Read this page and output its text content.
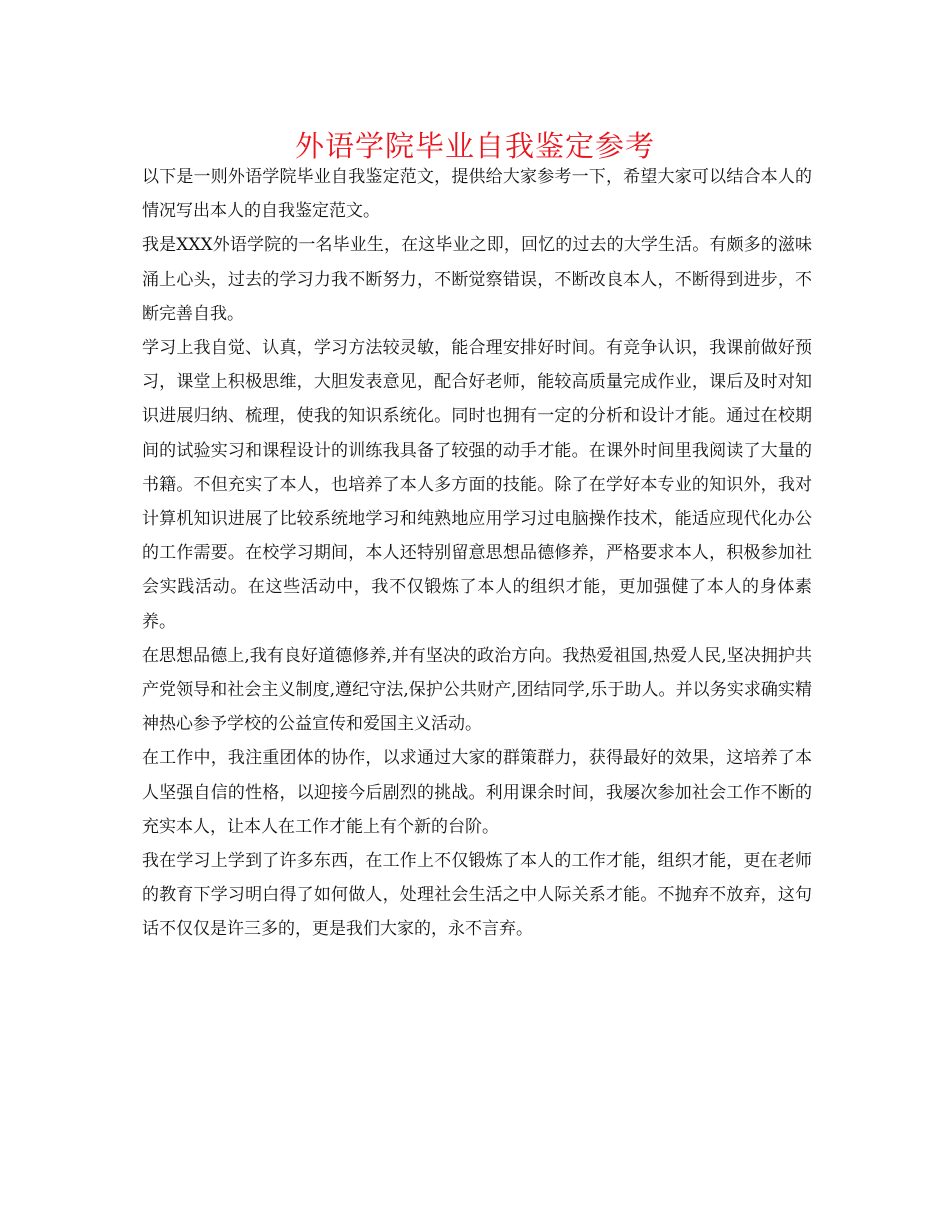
外语学院毕业自我鉴定参考

以下是一则外语学院毕业自我鉴定范文，提供给大家参考一下，希望大家可以结合本人的情况写出本人的自我鉴定范文。

我是XXX外语学院的一名毕业生，在这毕业之即，回忆的过去的大学生活。有颇多的滋味涌上心头，过去的学习力我不断努力，不断觉察错误，不断改良本人，不断得到进步，不断完善自我。

学习上我自觉、认真，学习方法较灵敏，能合理安排好时间。有竞争认识，我课前做好预习，课堂上积极思维，大胆发表意见，配合好老师，能较高质量完成作业，课后及时对知识进展归纳、梳理，使我的知识系统化。同时也拥有一定的分析和设计才能。通过在校期间的试验实习和课程设计的训练我具备了较强的动手才能。在课外时间里我阅读了大量的书籍。不但充实了本人，也培养了本人多方面的技能。除了在学好本专业的知识外，我对计算机知识进展了比较系统地学习和纯熟地应用学习过电脑操作技术，能适应现代化办公的工作需要。在校学习期间，本人还特别留意思想品德修养，严格要求本人，积极参加社会实践活动。在这些活动中，我不仅锻炼了本人的组织才能，更加强健了本人的身体素养。

在思想品德上,我有良好道德修养,并有坚决的政治方向。我热爱祖国,热爱人民,坚决拥护共产党领导和社会主义制度,遵纪守法,保护公共财产,团结同学,乐于助人。并以务实求确实精神热心参予学校的公益宣传和爱国主义活动。

在工作中，我注重团体的协作，以求通过大家的群策群力，获得最好的效果，这培养了本人坚强自信的性格，以迎接今后剧烈的挑战。利用课余时间，我屡次参加社会工作不断的充实本人，让本人在工作才能上有个新的台阶。

我在学习上学到了许多东西，在工作上不仅锻炼了本人的工作才能，组织才能，更在老师的教育下学习明白得了如何做人，处理社会生活之中人际关系才能。不抛弃不放弃，这句话不仅仅是许三多的，更是我们大家的，永不言弃。
